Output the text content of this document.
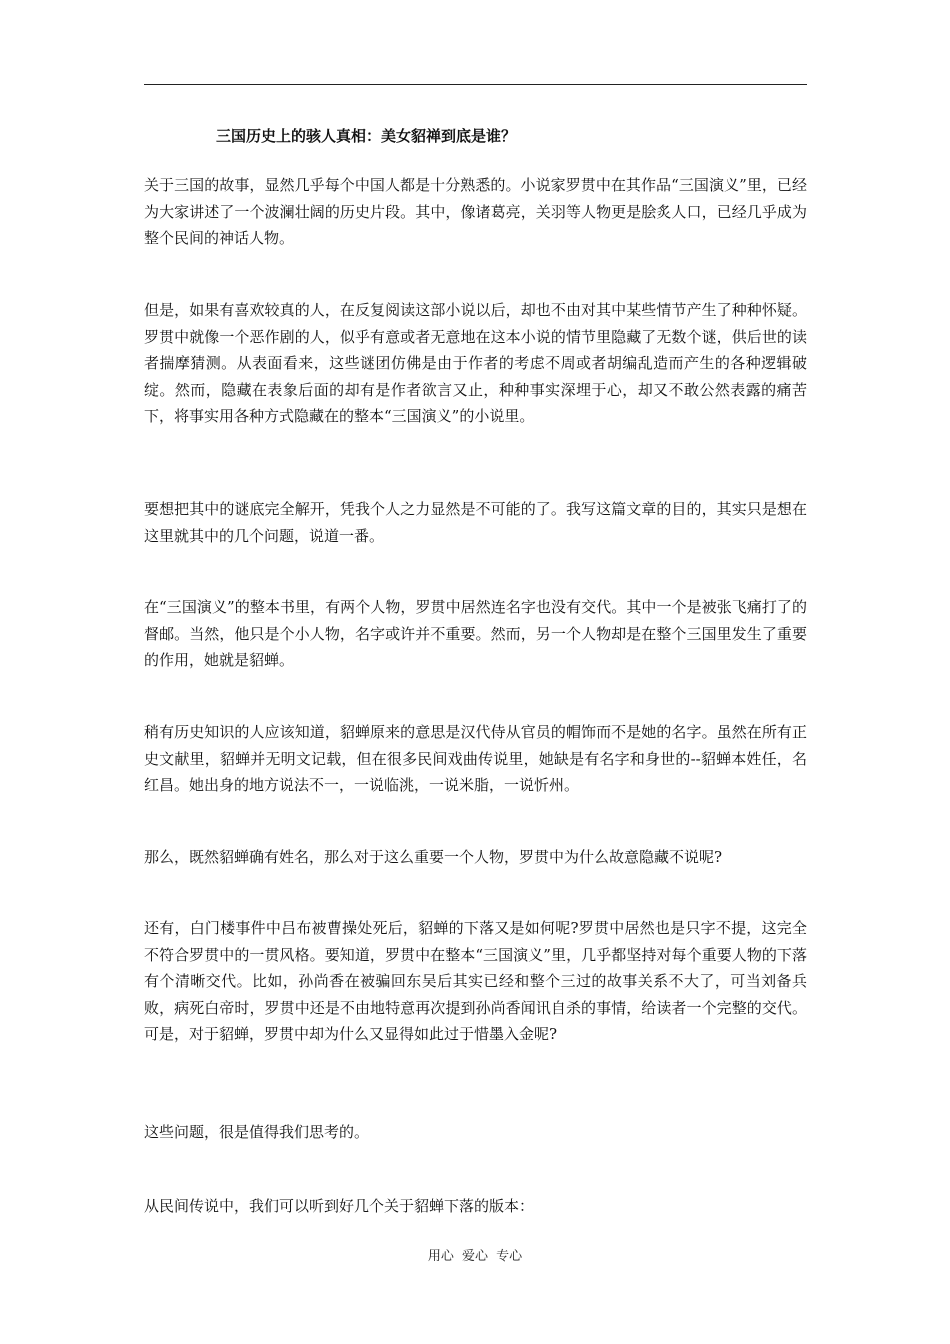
三国历史上的骇人真相：美女貂禅到底是谁？

关于三国的故事，显然几乎每个中国人都是十分熟悉的。小说家罗贯中在其作品“三国演义”里，已经为大家讲述了一个波澜壮阔的历史片段。其中，像诸葛亮，关羽等人物更是脍炙人口，已经几乎成为整个民间的神话人物。

但是，如果有喜欢较真的人，在反复阅读这部小说以后，却也不由对其中某些情节产生了种种怀疑。罗贯中就像一个恶作剧的人，似乎有意或者无意地在这本小说的情节里隐藏了无数个谜，供后世的读者揣摩猜测。从表面看来，这些谜团仿佛是由于作者的考虑不周或者胡编乱造而产生的各种逻辑破绽。然而，隐藏在表象后面的却有是作者欲言又止，种种事实深埋于心，却又不敢公然表露的痛苦下，将事实用各种方式隐藏在的整本“三国演义”的小说里。

要想把其中的谜底完全解开，凭我个人之力显然是不可能的了。我写这篇文章的目的，其实只是想在这里就其中的几个问题，说道一番。

在“三国演义”的整本书里，有两个人物，罗贯中居然连名字也没有交代。其中一个是被张飞痛打了的督邮。当然，他只是个小人物，名字或许并不重要。然而，另一个人物却是在整个三国里发生了重要的作用，她就是貂蝉。

稍有历史知识的人应该知道，貂蝉原来的意思是汉代侍从官员的帽饰而不是她的名字。虽然在所有正史文献里，貂蝉并无明文记载，但在很多民间戏曲传说里，她缺是有名字和身世的--貂蝉本姓任，名红昌。她出身的地方说法不一，一说临洮，一说米脂，一说忻州。

那么，既然貂蝉确有姓名，那么对于这么重要一个人物，罗贯中为什么故意隐藏不说呢?

还有，白门楼事件中吕布被曹操处死后，貂蝉的下落又是如何呢?罗贯中居然也是只字不提，这完全不符合罗贯中的一贯风格。要知道，罗贯中在整本“三国演义”里，几乎都坚持对每个重要人物的下落有个清晰交代。比如，孙尚香在被骗回东吴后其实已经和整个三过的故事关系不大了，可当刘备兵败，病死白帝时，罗贯中还是不由地特意再次提到孙尚香闻讯自杀的事情，给读者一个完整的交代。可是，对于貂蝉，罗贯中却为什么又显得如此过于惜墨入金呢?

这些问题，很是值得我们思考的。

从民间传说中，我们可以听到好几个关于貂蝉下落的版本：

用心 爱心 专心
